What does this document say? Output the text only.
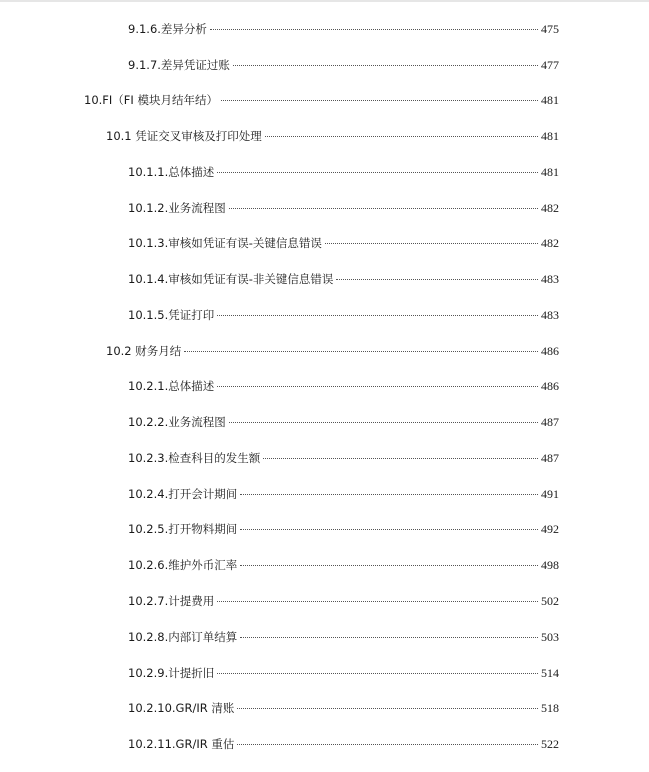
9.1.6.差异分析	475
9.1.7.差异凭证过账	477
10.FI（FI 模块月结年结）	481
10.1 凭证交叉审核及打印处理	481
10.1.1.总体描述	481
10.1.2.业务流程图	482
10.1.3.审核如凭证有误-关键信息错误	482
10.1.4.审核如凭证有误-非关键信息错误	483
10.1.5.凭证打印	483
10.2 财务月结	486
10.2.1.总体描述	486
10.2.2.业务流程图	487
10.2.3.检查科目的发生额	487
10.2.4.打开会计期间	491
10.2.5.打开物料期间	492
10.2.6.维护外币汇率	498
10.2.7.计提费用	502
10.2.8.内部订单结算	503
10.2.9.计提折旧	514
10.2.10.GR/IR 清账	518
10.2.11.GR/IR 重估	522
